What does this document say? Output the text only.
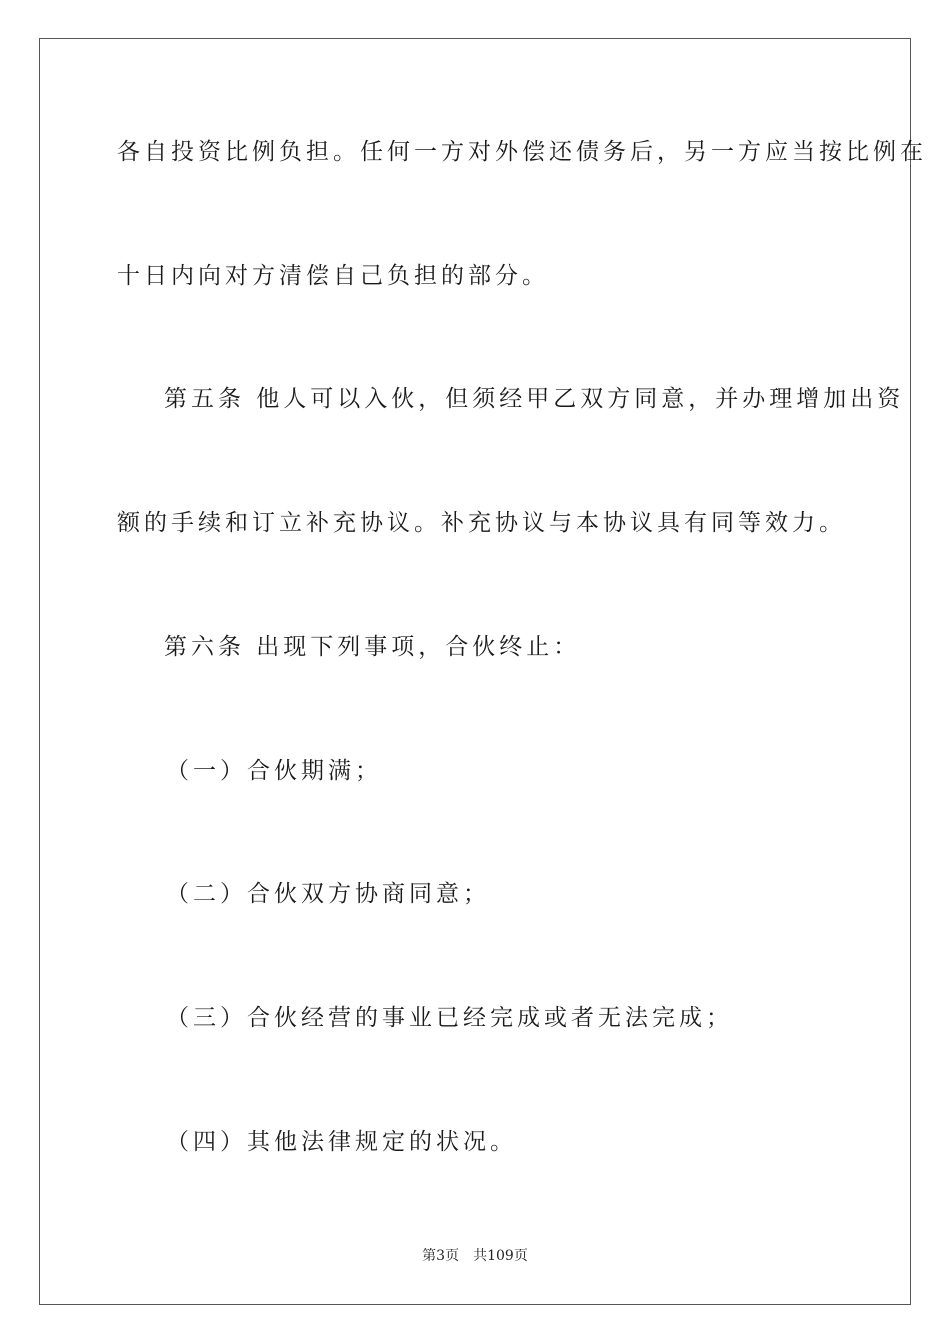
各自投资比例负担。任何一方对外偿还债务后，另一方应当按比例在
十日内向对方清偿自己负担的部分。
第五条 他人可以入伙，但须经甲乙双方同意，并办理增加出资
额的手续和订立补充协议。补充协议与本协议具有同等效力。
第六条 出现下列事项，合伙终止：
（一）合伙期满；
（二）合伙双方协商同意；
（三）合伙经营的事业已经完成或者无法完成；
（四）其他法律规定的状况。
第3页 共109页
